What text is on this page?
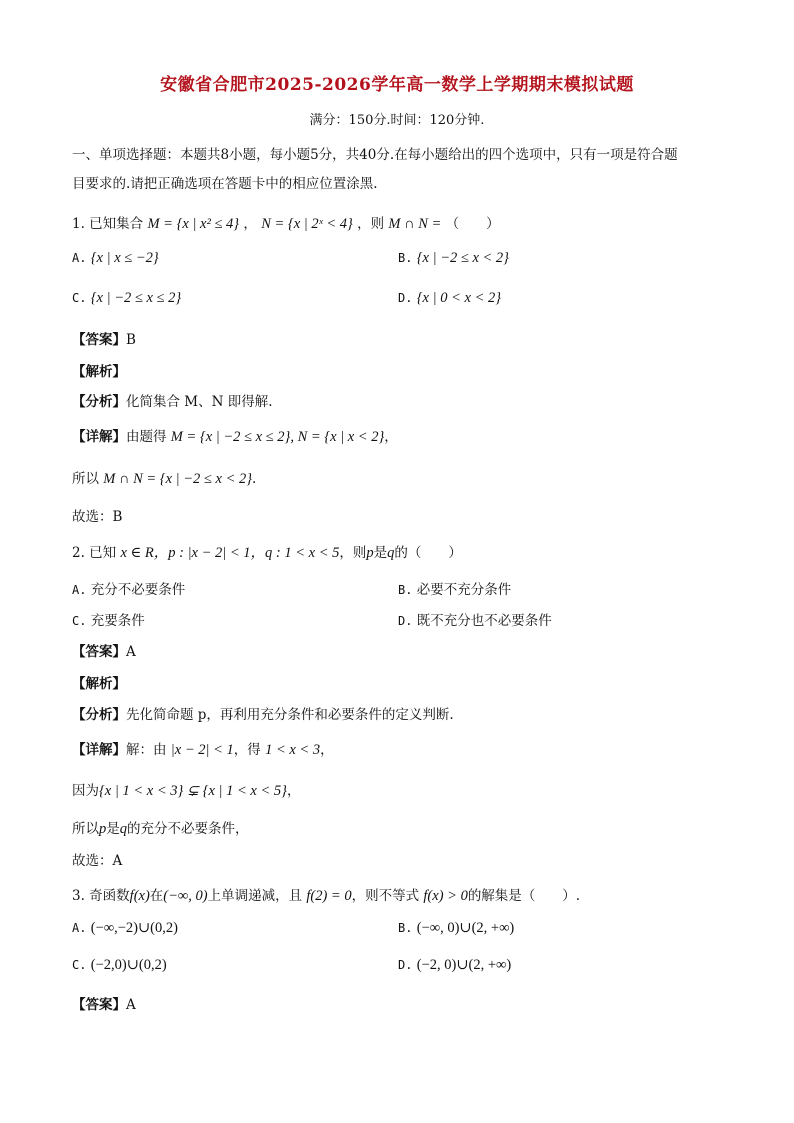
安徽省合肥市2025-2026学年高一数学上学期期末模拟试题
满分：150分.时间：120分钟.
一、单项选择题：本题共8小题，每小题5分，共40分.在每小题给出的四个选项中，只有一项是符合题
目要求的.请把正确选项在答题卡中的相应位置涂黑.
1. 已知集合 M = {x | x² ≤ 4} ， N = {x | 2ˣ < 4} ，则 M ∩ N = （　　）
A. {x | x ≤ −2}	B. {x | −2 ≤ x < 2}
C. {x | −2 ≤ x ≤ 2}	D. {x | 0 < x < 2}
【答案】B
【解析】
【分析】化简集合 M、N 即得解.
【详解】由题得 M = {x | −2 ≤ x ≤ 2}, N = {x | x < 2}，
所以 M ∩ N = {x | −2 ≤ x < 2}.
故选：B
2. 已知 x ∈ R，p : |x − 2| < 1，q : 1 < x < 5，则p是q的（　　）
A. 充分不必要条件	B. 必要不充分条件
C. 充要条件	D. 既不充分也不必要条件
【答案】A
【解析】
【分析】先化简命题 p，再利用充分条件和必要条件的定义判断.
【详解】解：由 |x − 2| < 1，得 1 < x < 3，
因为{x | 1 < x < 3} ⊊ {x | 1 < x < 5}，
所以p是q的充分不必要条件，
故选：A
3. 奇函数f(x)在(−∞, 0)上单调递减，且 f(2) = 0，则不等式 f(x) > 0的解集是（　　）.
A. (−∞,−2)∪(0,2)	B. (−∞, 0)∪(2, +∞)
C. (−2,0)∪(0,2)	D. (−2, 0)∪(2, +∞)
【答案】A
